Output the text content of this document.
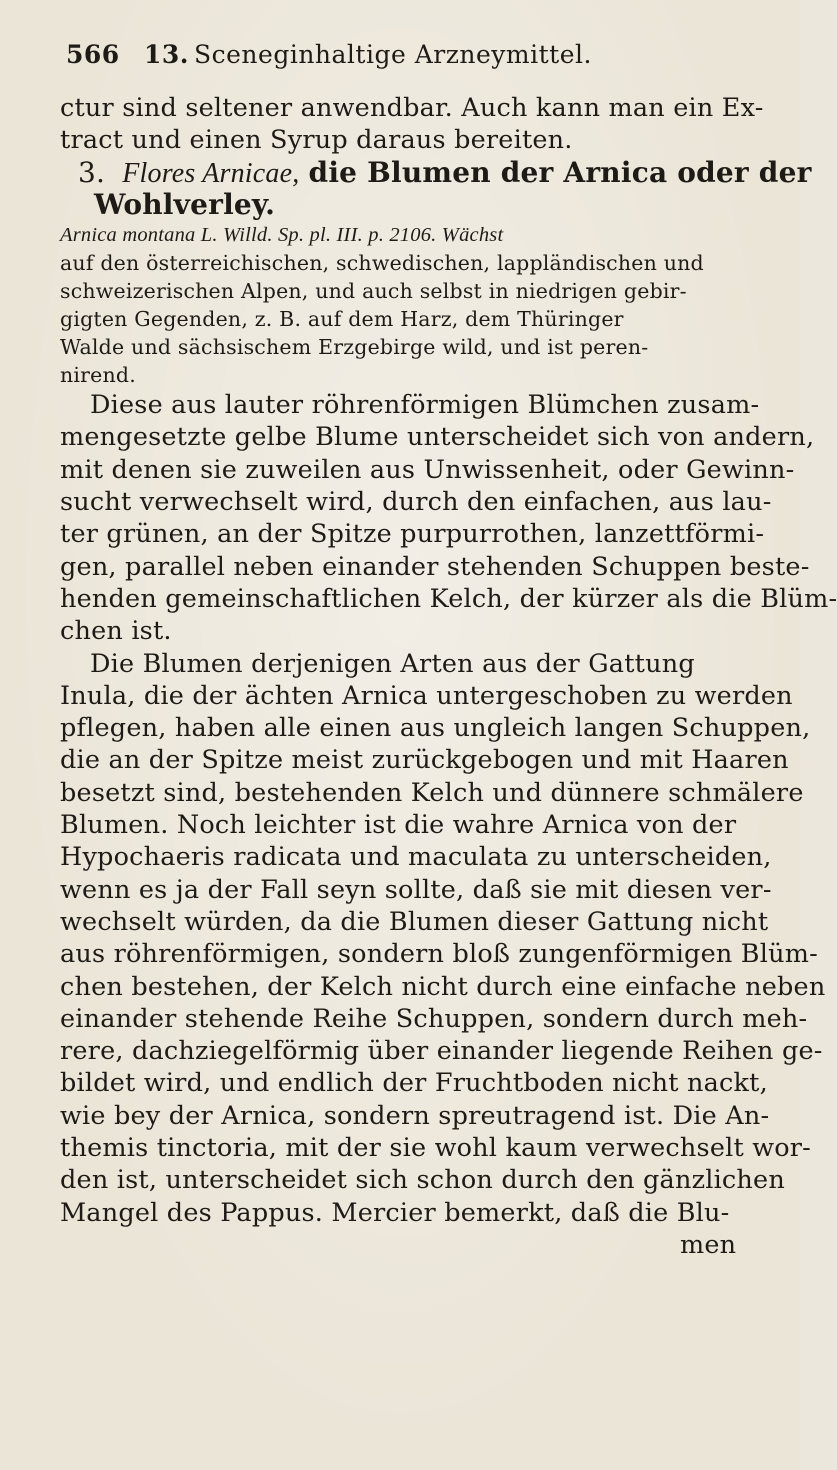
566 13. Sceneginhaltige Arzneymittel.
ctur sind seltener anwendbar. Auch kann man ein Ex-
tract und einen Syrup daraus bereiten.
3. Flores Arnicae, die Blumen der Arnica oder der
Wohlverley.
Arnica montana L. Willd. Sp. pl. III. p. 2106. Wächst
auf den österreichischen, schwedischen, lappländischen und
schweizerischen Alpen, und auch selbst in niedrigen gebir-
gigten Gegenden, z. B. auf dem Harz, dem Thüringer
Walde und sächsischem Erzgebirge wild, und ist peren-
nirend.
Diese aus lauter röhrenförmigen Blümchen zusam-
mengesetzte gelbe Blume unterscheidet sich von andern,
mit denen sie zuweilen aus Unwissenheit, oder Gewinn-
sucht verwechselt wird, durch den einfachen, aus lau-
ter grünen, an der Spitze purpurrothen, lanzettförmi-
gen, parallel neben einander stehenden Schuppen beste-
henden gemeinschaftlichen Kelch, der kürzer als die Blüm-
chen ist.
Die Blumen derjenigen Arten aus der Gattung
Inula, die der ächten Arnica untergeschoben zu werden
pflegen, haben alle einen aus ungleich langen Schuppen,
die an der Spitze meist zurückgebogen und mit Haaren
besetzt sind, bestehenden Kelch und dünnere schmälere
Blumen. Noch leichter ist die wahre Arnica von der
Hypochaeris radicata und maculata zu unterscheiden,
wenn es ja der Fall seyn sollte, daß sie mit diesen ver-
wechselt würden, da die Blumen dieser Gattung nicht
aus röhrenförmigen, sondern bloß zungenförmigen Blüm-
chen bestehen, der Kelch nicht durch eine einfache neben
einander stehende Reihe Schuppen, sondern durch meh-
rere, dachziegelförmig über einander liegende Reihen ge-
bildet wird, und endlich der Fruchtboden nicht nackt,
wie bey der Arnica, sondern spreutragend ist. Die An-
themis tinctoria, mit der sie wohl kaum verwechselt wor-
den ist, unterscheidet sich schon durch den gänzlichen
Mangel des Pappus. Mercier bemerkt, daß die Blu-
men
